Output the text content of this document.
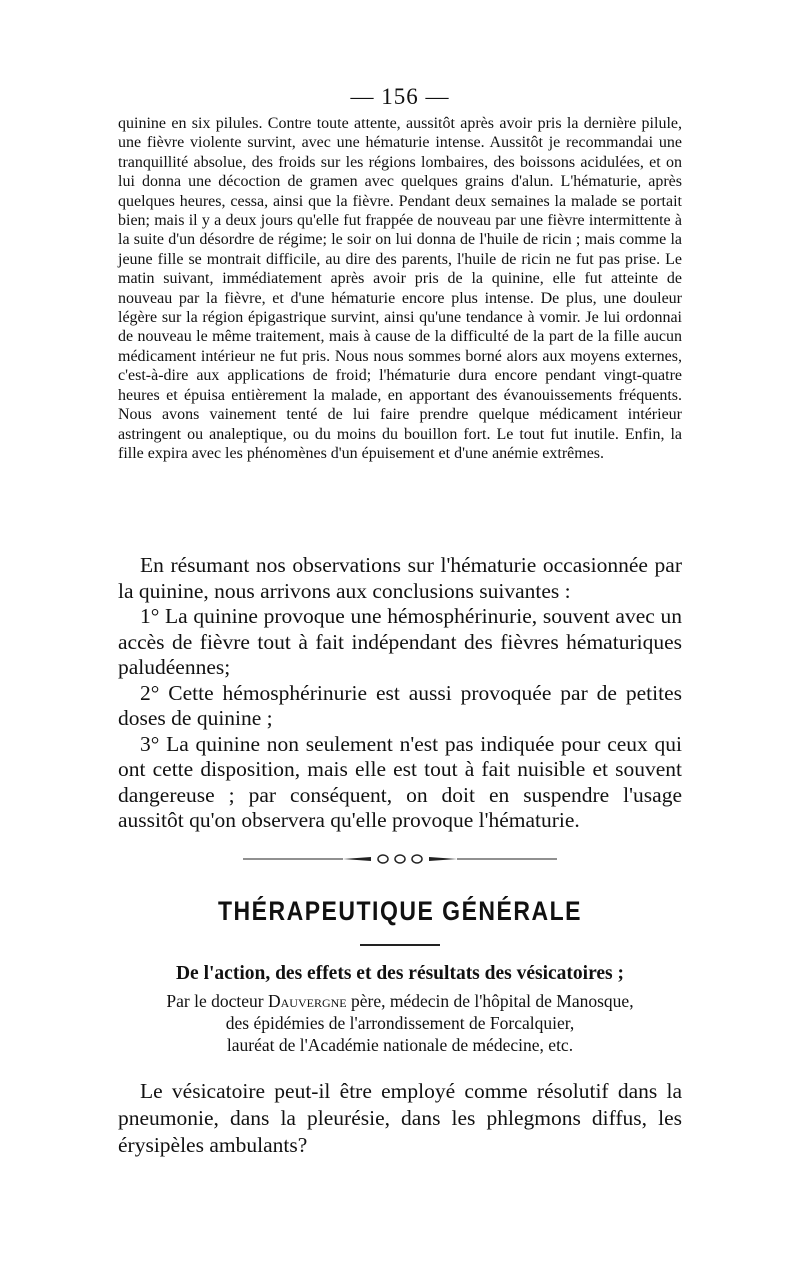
— 156 —

quinine en six pilules. Contre toute attente, aussitôt après avoir pris la dernière pilule, une fièvre violente survint, avec une hématurie intense. Aussitôt je recommandai une tranquillité absolue, des froids sur les régions lombaires, des boissons acidulées, et on lui donna une décoction de gramen avec quelques grains d'alun. L'hématurie, après quelques heures, cessa, ainsi que la fièvre. Pendant deux semaines la malade se portait bien; mais il y a deux jours qu'elle fut frappée de nouveau par une fièvre intermittente à la suite d'un désordre de régime; le soir on lui donna de l'huile de ricin ; mais comme la jeune fille se montrait difficile, au dire des parents, l'huile de ricin ne fut pas prise. Le matin suivant, immédiatement après avoir pris de la quinine, elle fut atteinte de nouveau par la fièvre, et d'une hématurie encore plus intense. De plus, une douleur légère sur la région épigastrique survint, ainsi qu'une tendance à vomir. Je lui ordonnai de nouveau le même traitement, mais à cause de la difficulté de la part de la fille aucun médicament intérieur ne fut pris. Nous nous sommes borné alors aux moyens externes, c'est-à-dire aux applications de froid; l'hématurie dura encore pendant vingt-quatre heures et épuisa entièrement la malade, en apportant des évanouissements fréquents. Nous avons vainement tenté de lui faire prendre quelque médicament intérieur astringent ou analeptique, ou du moins du bouillon fort. Le tout fut inutile. Enfin, la fille expira avec les phénomènes d'un épuisement et d'une anémie extrêmes.

En résumant nos observations sur l'hématurie occasionnée par la quinine, nous arrivons aux conclusions suivantes :

1° La quinine provoque une hémosphérinurie, souvent avec un accès de fièvre tout à fait indépendant des fièvres hématuriques paludéennes;

2° Cette hémosphérinurie est aussi provoquée par de petites doses de quinine ;

3° La quinine non seulement n'est pas indiquée pour ceux qui ont cette disposition, mais elle est tout à fait nuisible et souvent dangereuse ; par conséquent, on doit en suspendre l'usage aussitôt qu'on observera qu'elle provoque l'hématurie.

THÉRAPEUTIQUE GÉNÉRALE
De l'action, des effets et des résultats des vésicatoires ;
Par le docteur Dauvergne père, médecin de l'hôpital de Manosque,
des épidémies de l'arrondissement de Forcalquier,
lauréat de l'Académie nationale de médecine, etc.

Le vésicatoire peut-il être employé comme résolutif dans la pneumonie, dans la pleurésie, dans les phlegmons diffus, les érysipèles ambulants?
